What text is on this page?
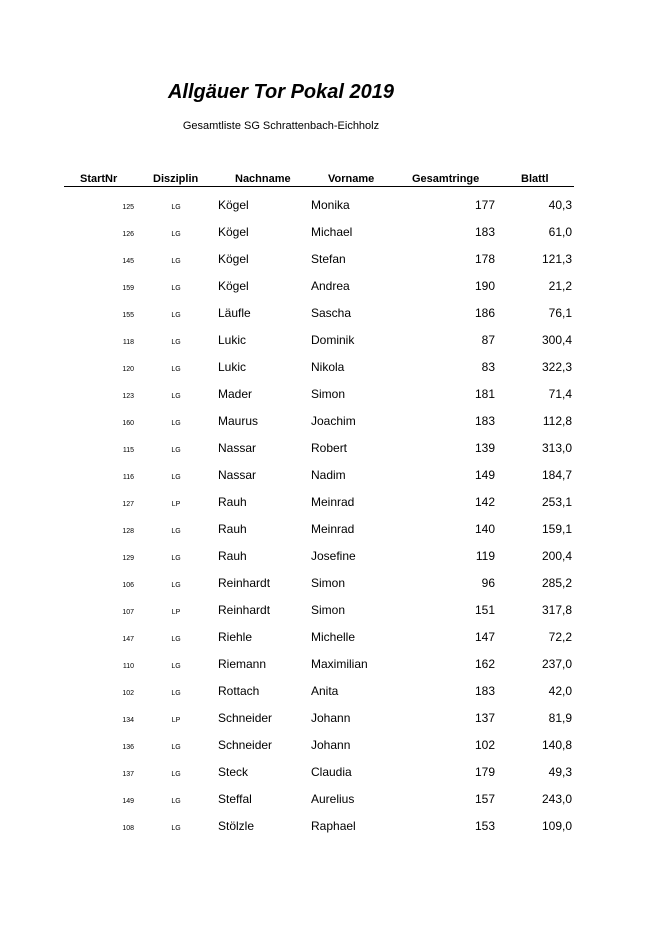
Allgäuer Tor Pokal 2019
Gesamtliste SG Schrattenbach-Eichholz
StartNr	Disziplin	Nachname	Vorname	Gesamtringe	Blattl
125	LG	Kögel	Monika	177	40,3
126	LG	Kögel	Michael	183	61,0
145	LG	Kögel	Stefan	178	121,3
159	LG	Kögel	Andrea	190	21,2
155	LG	Läufle	Sascha	186	76,1
118	LG	Lukic	Dominik	87	300,4
120	LG	Lukic	Nikola	83	322,3
123	LG	Mader	Simon	181	71,4
160	LG	Maurus	Joachim	183	112,8
115	LG	Nassar	Robert	139	313,0
116	LG	Nassar	Nadim	149	184,7
127	LP	Rauh	Meinrad	142	253,1
128	LG	Rauh	Meinrad	140	159,1
129	LG	Rauh	Josefine	119	200,4
106	LG	Reinhardt	Simon	96	285,2
107	LP	Reinhardt	Simon	151	317,8
147	LG	Riehle	Michelle	147	72,2
110	LG	Riemann	Maximilian	162	237,0
102	LG	Rottach	Anita	183	42,0
134	LP	Schneider	Johann	137	81,9
136	LG	Schneider	Johann	102	140,8
137	LG	Steck	Claudia	179	49,3
149	LG	Steffal	Aurelius	157	243,0
108	LG	Stölzle	Raphael	153	109,0
